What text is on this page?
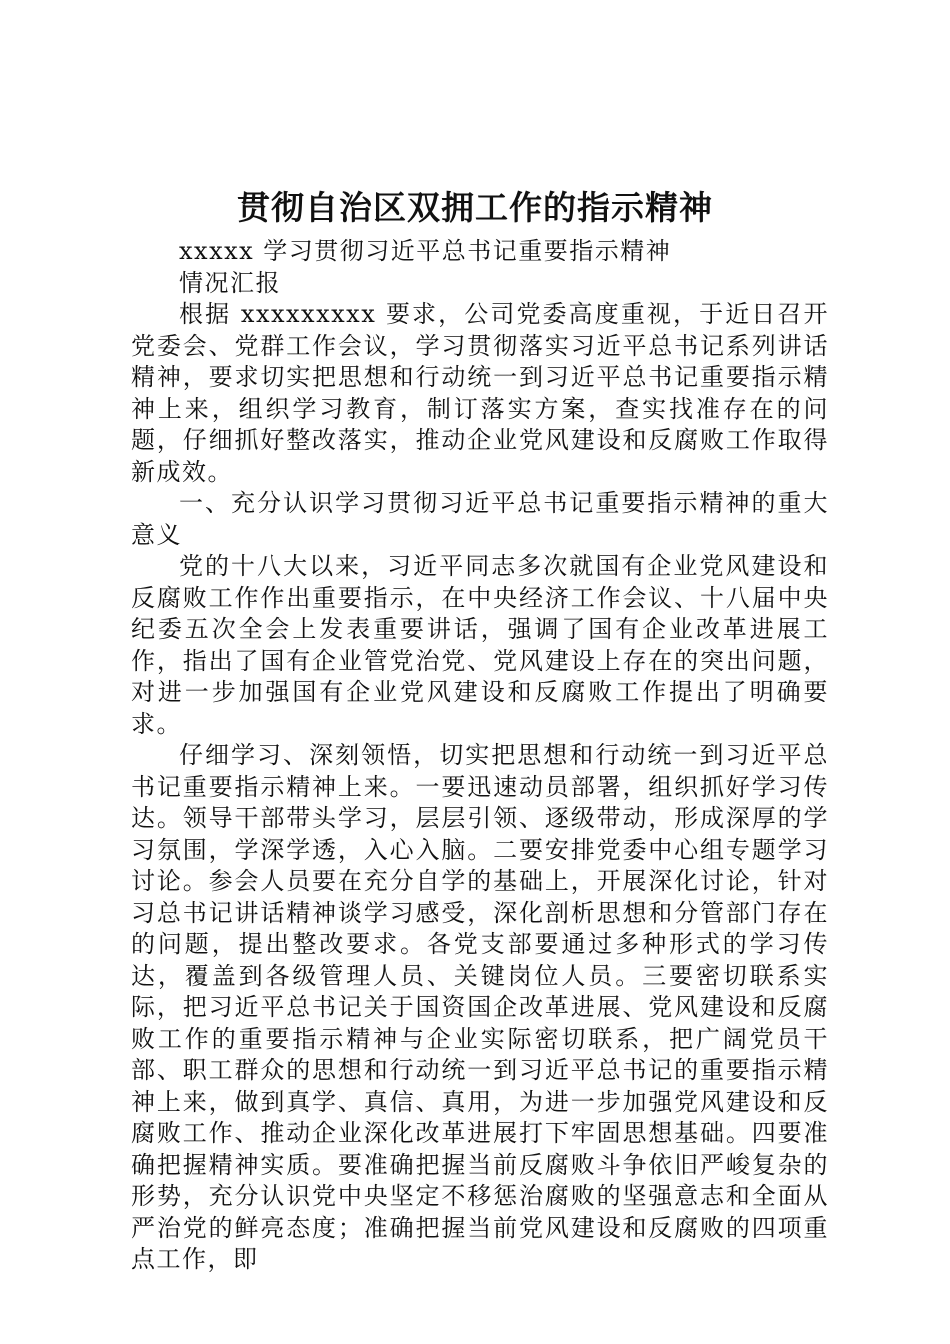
贯彻自治区双拥工作的指示精神

xxxxx 学习贯彻习近平总书记重要指示精神

情况汇报

根据 xxxxxxxxx 要求，公司党委高度重视，于近日召开党委会、党群工作会议，学习贯彻落实习近平总书记系列讲话精神，要求切实把思想和行动统一到习近平总书记重要指示精神上来，组织学习教育，制订落实方案，查实找准存在的问题，仔细抓好整改落实，推动企业党风建设和反腐败工作取得新成效。

一、充分认识学习贯彻习近平总书记重要指示精神的重大意义

党的十八大以来，习近平同志多次就国有企业党风建设和反腐败工作作出重要指示，在中央经济工作会议、十八届中央纪委五次全会上发表重要讲话，强调了国有企业改革进展工作，指出了国有企业管党治党、党风建设上存在的突出问题，对进一步加强国有企业党风建设和反腐败工作提出了明确要求。

仔细学习、深刻领悟，切实把思想和行动统一到习近平总书记重要指示精神上来。一要迅速动员部署，组织抓好学习传达。领导干部带头学习，层层引领、逐级带动，形成深厚的学习氛围，学深学透，入心入脑。二要安排党委中心组专题学习讨论。参会人员要在充分自学的基础上，开展深化讨论，针对习总书记讲话精神谈学习感受，深化剖析思想和分管部门存在的问题，提出整改要求。各党支部要通过多种形式的学习传达，覆盖到各级管理人员、关键岗位人员。三要密切联系实际，把习近平总书记关于国资国企改革进展、党风建设和反腐败工作的重要指示精神与企业实际密切联系，把广阔党员干部、职工群众的思想和行动统一到习近平总书记的重要指示精神上来，做到真学、真信、真用，为进一步加强党风建设和反腐败工作、推动企业深化改革进展打下牢固思想基础。四要准确把握精神实质。要准确把握当前反腐败斗争依旧严峻复杂的形势，充分认识党中央坚定不移惩治腐败的坚强意志和全面从严治党的鲜亮态度；准确把握当前党风建设和反腐败的四项重点工作，即
